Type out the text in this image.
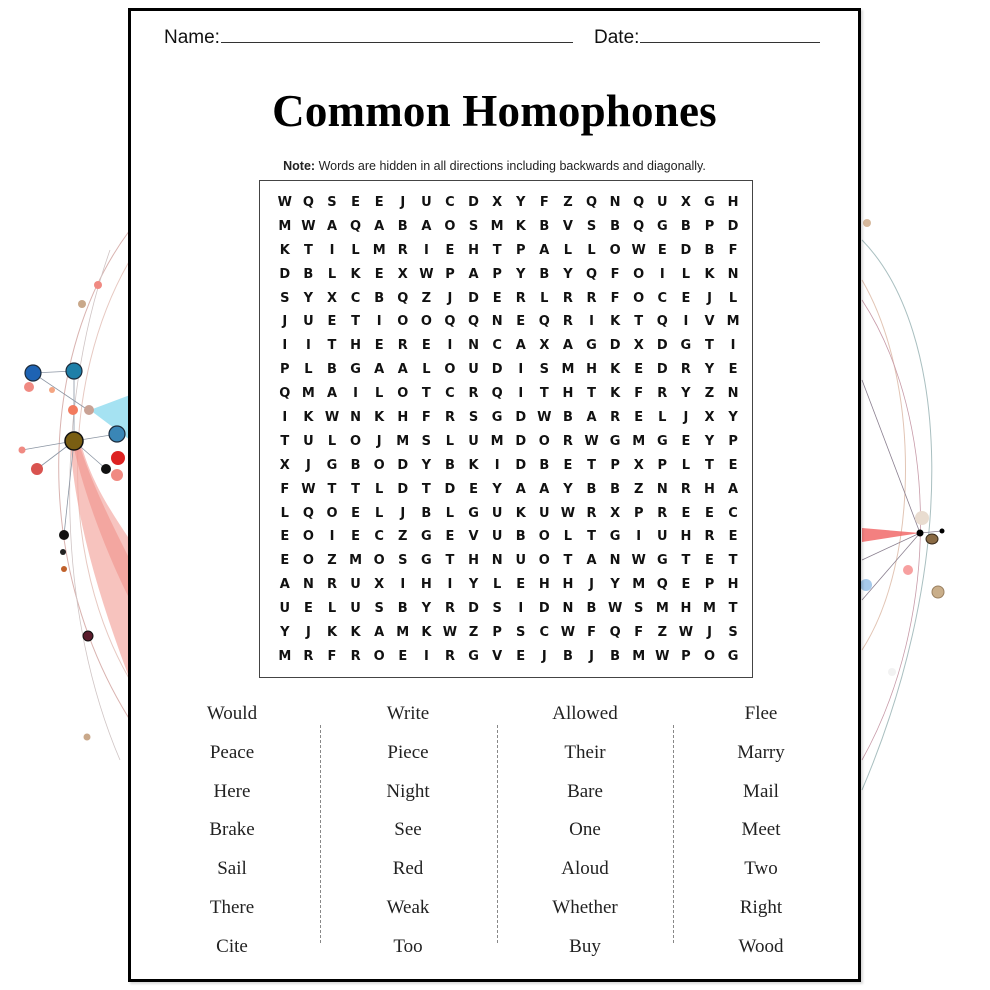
Name:	Date:
Common Homophones
Note: Words are hidden in all directions including backwards and diagonally.
W Q	S	E	E	J	U	C	D	X	Y	F	Z	Q N Q U	X	G H
M W A	Q	A	B	A	O	S M K	B	V	S	B	Q G	B	P	D
K	T	I	L M R	I	E	H	T	P	A	L	L	O W E	D	B	F
D	B	L	K	E	X W P	A	P	Y	B	Y	Q	F	O	I	L	K	N
S	Y	X	C	B	Q	Z	J	D	E	R	L	R	R	F	O	C	E	J	L
J	U	E	T	I	O O Q Q N	E	Q	R	I	K	T	Q	I	V M
I	I	T	H	E	R	E	I	N	C	A	X	A	G D	X	D G	T	I
P	L	B	G	A	A	L	O U D	I	S M H	K	E	D	R	Y	E
Q M A	I	L	O	T	C	R	Q	I	T	H	T	K	F	R	Y	Z	N
I	K W N	K	H	F	R	S	G D W B	A	R	E	L	J	X	Y
T	U	L	O	J	M S	L	U M D O	R W G M G	E	Y	P
X	J	G	B	O D	Y	B	K	I	D	B	E	T	P	X	P	L	T	E
F W T	T	L	D	T	D	E	Y	A	A	Y	B	B	Z	N	R	H	A
L	Q O	E	L	J	B	L	G U	K	U W R	X	P	R	E	E	C
E	O	I	E	C	Z	G	E	V	U	B	O	L	T	G	I	U H	R	E
E	O	Z M O	S	G	T	H N U O	T	A	N W G	T	E	T
A	N	R	U	X	I	H	I	Y	L	E	H H	J	Y M Q	E	P	H
U	E	L	U	S	B	Y	R	D	S	I	D N	B W S M H M T
Y	J	K	K	A M K W Z	P	S	C W F	Q	F	Z W	J	S
M R	F	R	O	E	I	R	G	V	E	J	B	J	B M W P	O G
Would
Peace
Here
Brake
Sail
There
Cite
Write
Piece
Night
See
Red
Weak
Too
Allowed
Their
Bare
One
Aloud
Whether
Buy
Flee
Marry
Mail
Meet
Two
Right
Wood
